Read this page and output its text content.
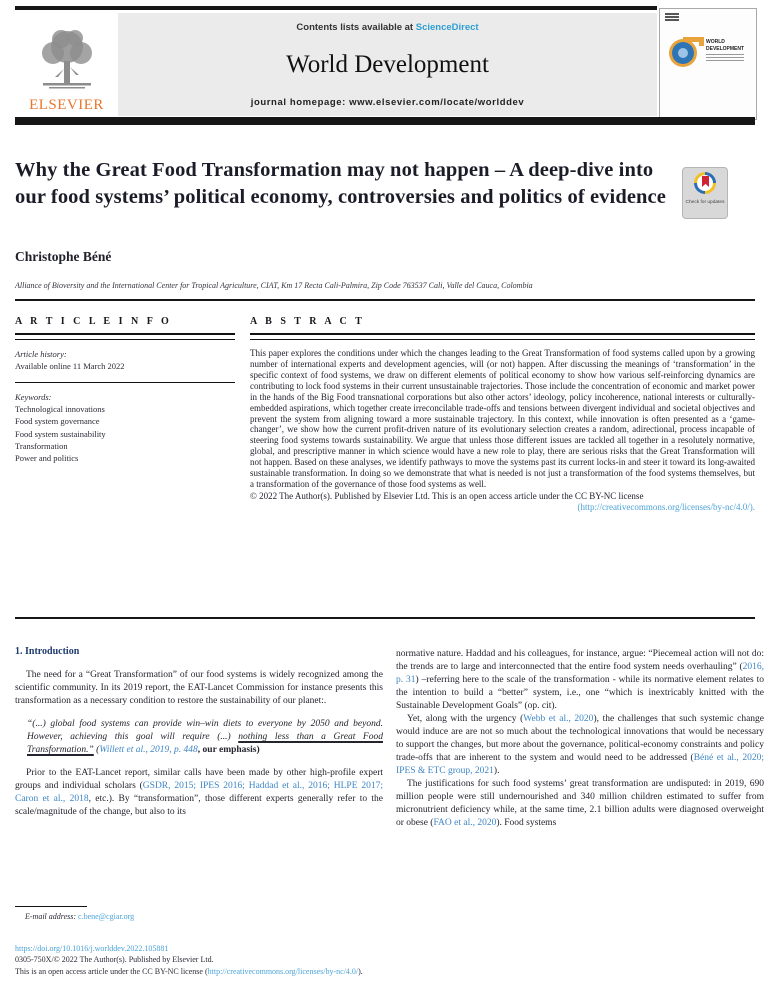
ELSEVIER
Contents lists available at ScienceDirect
World Development
journal homepage: www.elsevier.com/locate/worlddev
WORLD DEVELOPMENT
Why the Great Food Transformation may not happen – A deep-dive into our food systems’ political economy, controversies and politics of evidence	Check for updates
Christophe Béné
Alliance of Bioversity and the International Center for Tropical Agriculture, CIAT, Km 17 Recta Cali-Palmira, Zip Code 763537 Cali, Valle del Cauca, Colombia
A R T I C L E I N F O
Article history:
Available online 11 March 2022
Keywords:
Technological innovations
Food system governance
Food system sustainability
Transformation
Power and politics
A B S T R A C T
This paper explores the conditions under which the changes leading to the Great Transformation of food systems called upon by a growing number of international experts and development agencies, will (or not) happen. After discussing the meanings of ‘transformation’ in the specific context of food systems, we draw on different elements of political economy to show how various self-reinforcing dynamics are contributing to lock food systems in their current unsustainable trajectories. Those include the concentration of economic and market power in the hands of the Big Food transnational corporations but also other actors’ ideology, policy incoherence, national interests or culturally-embedded aspirations, which together create irreconcilable trade-offs and tensions between divergent individual and societal objectives and prevent the system from aligning toward a more sustainable trajectory. In this context, while innovation is often presented as a ‘game-changer’, we show how the current profit-driven nature of its evolutionary selection creates a random, adirectional, process incapable of steering food systems towards sustainability. We argue that unless those different issues are tackled all together in a resolutely normative, global, and prescriptive manner in which science would have a new role to play, there are serious risks that the Great Transformation will not happen. Based on these analyses, we identify pathways to move the systems past its current locks-in and steer it toward its long-awaited sustainable transformation. In doing so we demonstrate that what is needed is not just a transformation of the food systems themselves, but a transformation of the governance of those food systems as well.
© 2022 The Author(s). Published by Elsevier Ltd. This is an open access article under the CC BY-NC license
(http://creativecommons.org/licenses/by-nc/4.0/).
1. Introduction

The need for a “Great Transformation” of our food systems is widely recognized among the scientific community. In its 2019 report, the EAT-Lancet Commission for instance presents this transformation as a necessary condition to restore the sustainability of our planet:.

“(...) global food systems can provide win–win diets to everyone by 2050 and beyond. However, achieving this goal will require (...) nothing less than a Great Food Transformation.” (Willett et al., 2019, p. 448, our emphasis)

Prior to the EAT-Lancet report, similar calls have been made by other high-profile expert groups and individual scholars (GSDR, 2015; IPES 2016; Haddad et al., 2016; HLPE 2017; Caron et al., 2018, etc.). By “transformation”, those different experts generally refer to the scale/magnitude of the change, but also to its

normative nature. Haddad and his colleagues, for instance, argue: “Piecemeal action will not do: the trends are to large and interconnected that the entire food system needs overhauling” (2016, p. 31) –referring here to the scale of the transformation - while its normative element relates to the intention to build a “better” system, i.e., one “which is inextricably knitted with the Sustainable Development Goals” (op. cit).

Yet, along with the urgency (Webb et al., 2020), the challenges that such systemic change would induce are are not so much about the technological innovations that would be necessary to support the changes, but more about the governance, political-economy constraints and policy trade-offs that are inherent to the system and would need to be addressed (Béné et al., 2020; IPES & ETC group, 2021).

The justifications for such food systems’ great transformation are undisputed: in 2019, 690 million people were still undernourished and 340 million children estimated to suffer from micronutrient deficiency while, at the same time, 2.1 billion adults were diagnosed overweight or obese (FAO et al., 2020). Food systems

E-mail address: c.bene@cgiar.org
https://doi.org/10.1016/j.worlddev.2022.105881
0305-750X/© 2022 The Author(s). Published by Elsevier Ltd.
This is an open access article under the CC BY-NC license (http://creativecommons.org/licenses/by-nc/4.0/).
